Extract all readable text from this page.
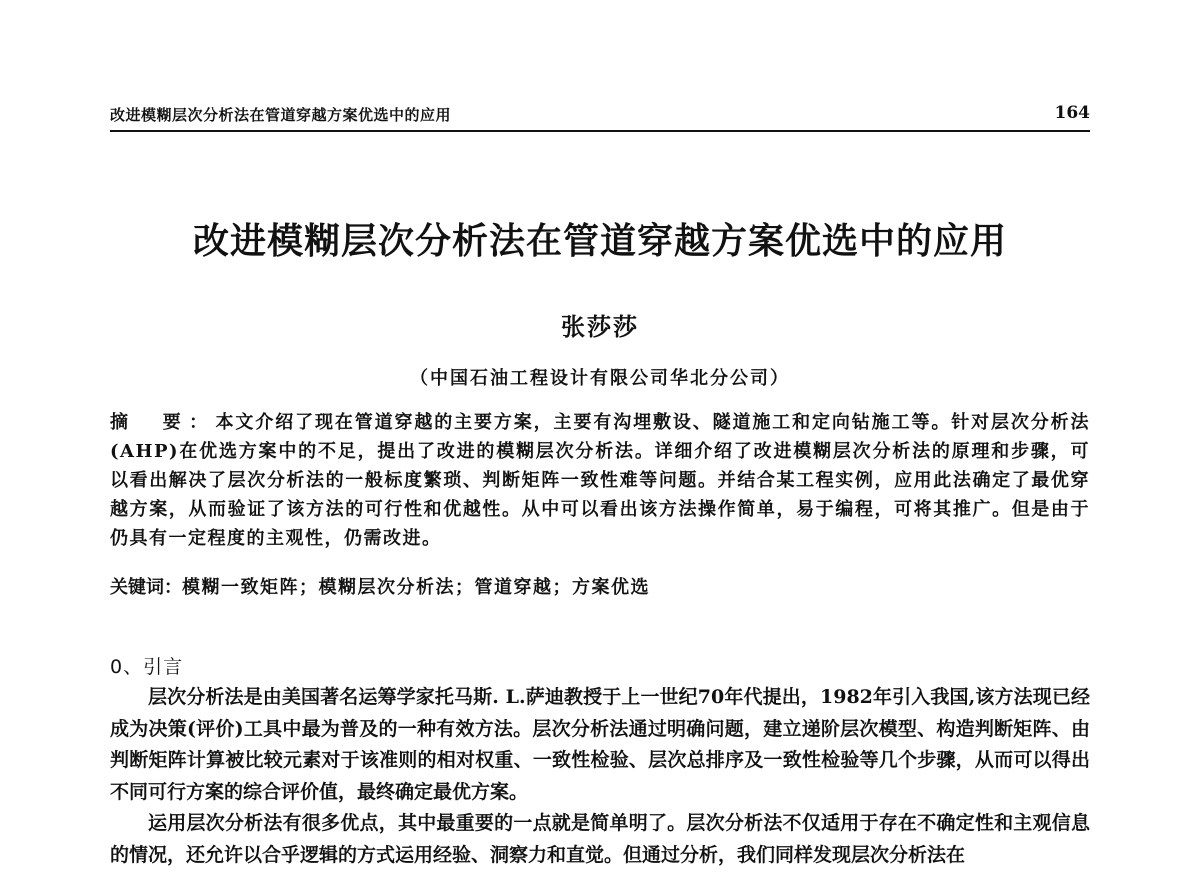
改进模糊层次分析法在管道穿越方案优选中的应用	164
改进模糊层次分析法在管道穿越方案优选中的应用
张莎莎
（中国石油工程设计有限公司华北分公司）
摘　要：本文介绍了现在管道穿越的主要方案，主要有沟埋敷设、隧道施工和定向钻施工等。针对层次分析法(AHP)在优选方案中的不足，提出了改进的模糊层次分析法。详细介绍了改进模糊层次分析法的原理和步骤，可以看出解决了层次分析法的一般标度繁琐、判断矩阵一致性难等问题。并结合某工程实例，应用此法确定了最优穿越方案，从而验证了该方法的可行性和优越性。从中可以看出该方法操作简单，易于编程，可将其推广。但是由于仍具有一定程度的主观性，仍需改进。
关键词：模糊一致矩阵；模糊层次分析法；管道穿越；方案优选
0、引言

层次分析法是由美国著名运筹学家托马斯. L.萨迪教授于上一世纪70年代提出，1982年引入我国,该方法现已经成为决策(评价)工具中最为普及的一种有效方法。层次分析法通过明确问题，建立递阶层次模型、构造判断矩阵、由判断矩阵计算被比较元素对于该准则的相对权重、一致性检验、层次总排序及一致性检验等几个步骤，从而可以得出不同可行方案的综合评价值，最终确定最优方案。

运用层次分析法有很多优点，其中最重要的一点就是简单明了。层次分析法不仅适用于存在不确定性和主观信息的情况，还允许以合乎逻辑的方式运用经验、洞察力和直觉。但通过分析，我们同样发现层次分析法在
